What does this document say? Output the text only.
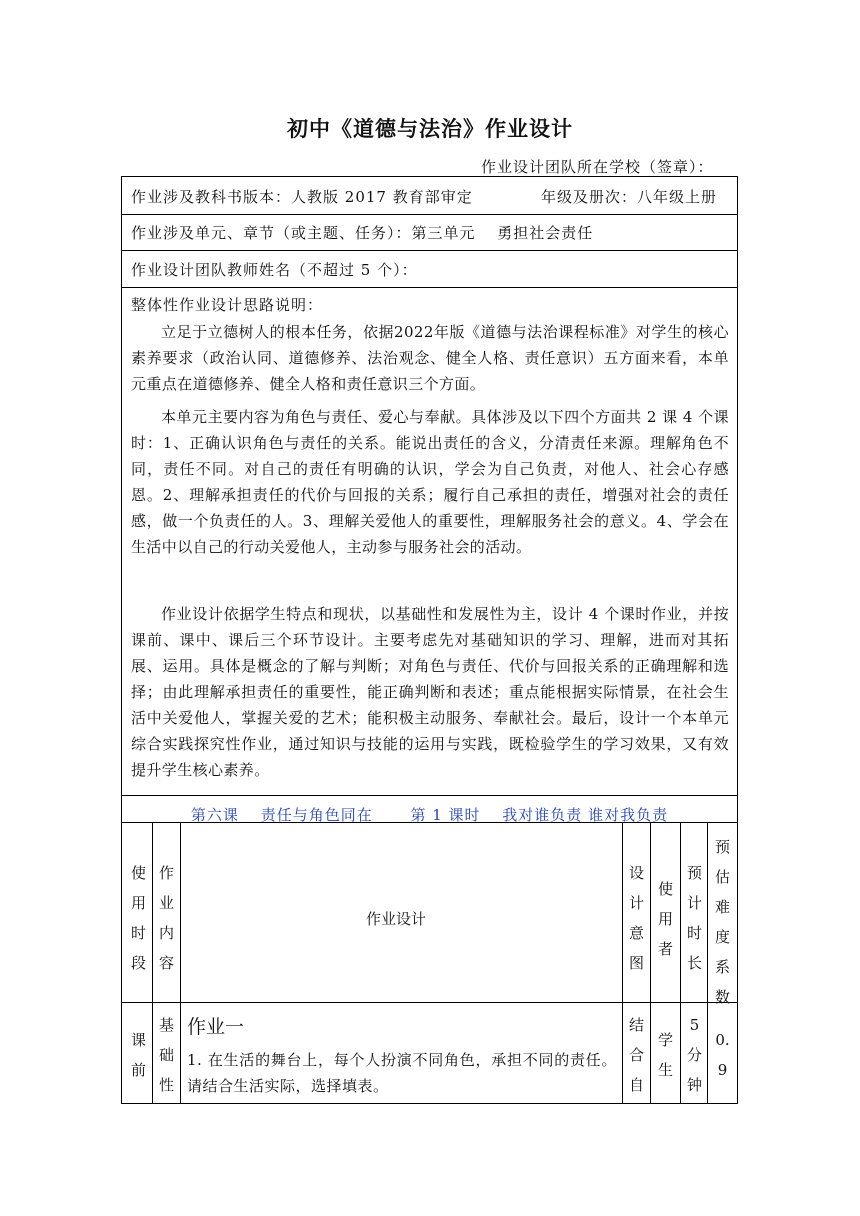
初中《道德与法治》作业设计
作业设计团队所在学校（签章）：
作业涉及教科书版本：人教版 2017 教育部审定	年级及册次：八年级上册
作业涉及单元、章节（或主题、任务）：第三单元　 勇担社会责任
作业设计团队教师姓名（不超过 5 个）：
整体性作业设计思路说明：
立足于立德树人的根本任务，依据2022年版《道德与法治课程标准》对学生的核心素养要求（政治认同、道德修养、法治观念、健全人格、责任意识）五方面来看，本单元重点在道德修养、健全人格和责任意识三个方面。
本单元主要内容为角色与责任、爱心与奉献。具体涉及以下四个方面共 2 课 4 个课时：1、正确认识角色与责任的关系。能说出责任的含义，分清责任来源。理解角色不同，责任不同。对自己的责任有明确的认识，学会为自己负责，对他人、社会心存感恩。2、理解承担责任的代价与回报的关系；履行自己承担的责任，增强对社会的责任感，做一个负责任的人。3、理解关爱他人的重要性，理解服务社会的意义。4、学会在生活中以自己的行动关爱他人，主动参与服务社会的活动。
作业设计依据学生特点和现状，以基础性和发展性为主，设计 4 个课时作业，并按课前、课中、课后三个环节设计。主要考虑先对基础知识的学习、理解，进而对其拓展、运用。具体是概念的了解与判断；对角色与责任、代价与回报关系的正确理解和选择；由此理解承担责任的重要性，能正确判断和表述；重点能根据实际情景，在社会生活中关爱他人，掌握关爱的艺术；能积极主动服务、奉献社会。最后，设计一个本单元综合实践探究性作业，通过知识与技能的运用与实践，既检验学生的学习效果，又有效提升学生核心素养。
第六课　 责任与角色同在　　 第 1 课时　 我对谁负责 谁对我负责
使用时段
作业内容
作业设计
设计意图
使用者
预计时长
预估难度系数
课前
基础性
作业一
1. 在生活的舞台上，每个人扮演不同角色，承担不同的责任。请结合生活实际，选择填表。
结合自
学生
5 分钟
0. 9
